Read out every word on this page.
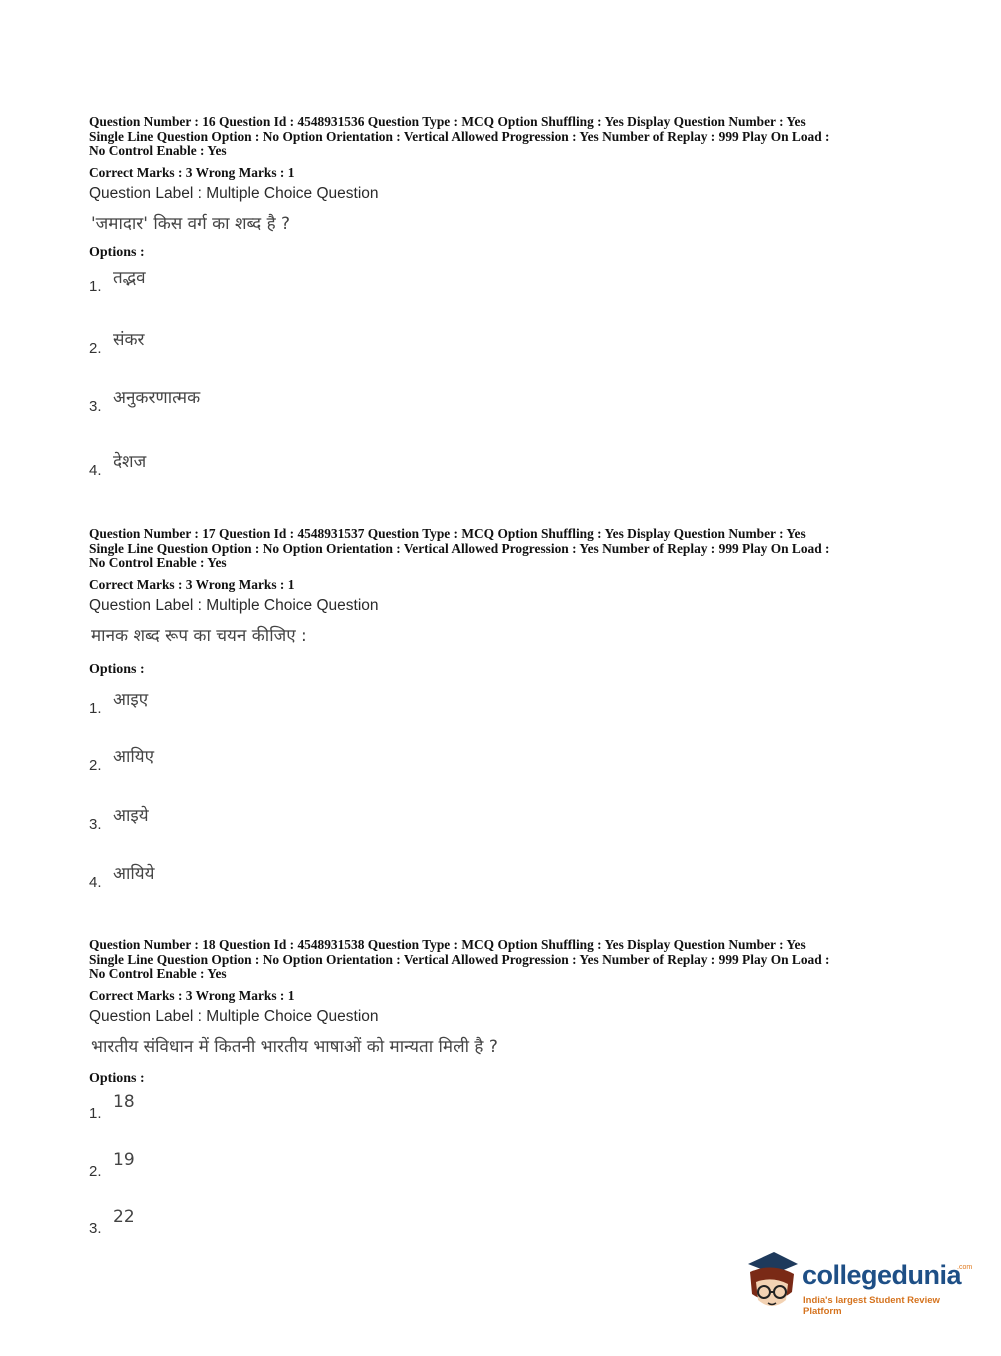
Question Number : 16 Question Id : 4548931536 Question Type : MCQ Option Shuffling : Yes Display Question Number : Yes
Single Line Question Option : No Option Orientation : Vertical Allowed Progression : Yes Number of Replay : 999 Play On Load :
No Control Enable : Yes

Correct Marks : 3 Wrong Marks : 1

Question Label : Multiple Choice Question

'जमादार' किस वर्ग का शब्द है ?

Options :
1. तद्भव
2. संकर
3. अनुकरणात्मक
4. देशज

Question Number : 17 Question Id : 4548931537 Question Type : MCQ Option Shuffling : Yes Display Question Number : Yes
Single Line Question Option : No Option Orientation : Vertical Allowed Progression : Yes Number of Replay : 999 Play On Load :
No Control Enable : Yes

Correct Marks : 3 Wrong Marks : 1

Question Label : Multiple Choice Question

मानक शब्द रूप का चयन कीजिए :

Options :
1. आइए
2. आयिए
3. आइये
4. आयिये

Question Number : 18 Question Id : 4548931538 Question Type : MCQ Option Shuffling : Yes Display Question Number : Yes
Single Line Question Option : No Option Orientation : Vertical Allowed Progression : Yes Number of Replay : 999 Play On Load :
No Control Enable : Yes

Correct Marks : 3 Wrong Marks : 1

Question Label : Multiple Choice Question

भारतीय संविधान में कितनी भारतीय भाषाओं को मान्यता मिली है ?

Options :
1.
18
2.
19
3.
22
collegedunia
.com
India's largest Student Review Platform
